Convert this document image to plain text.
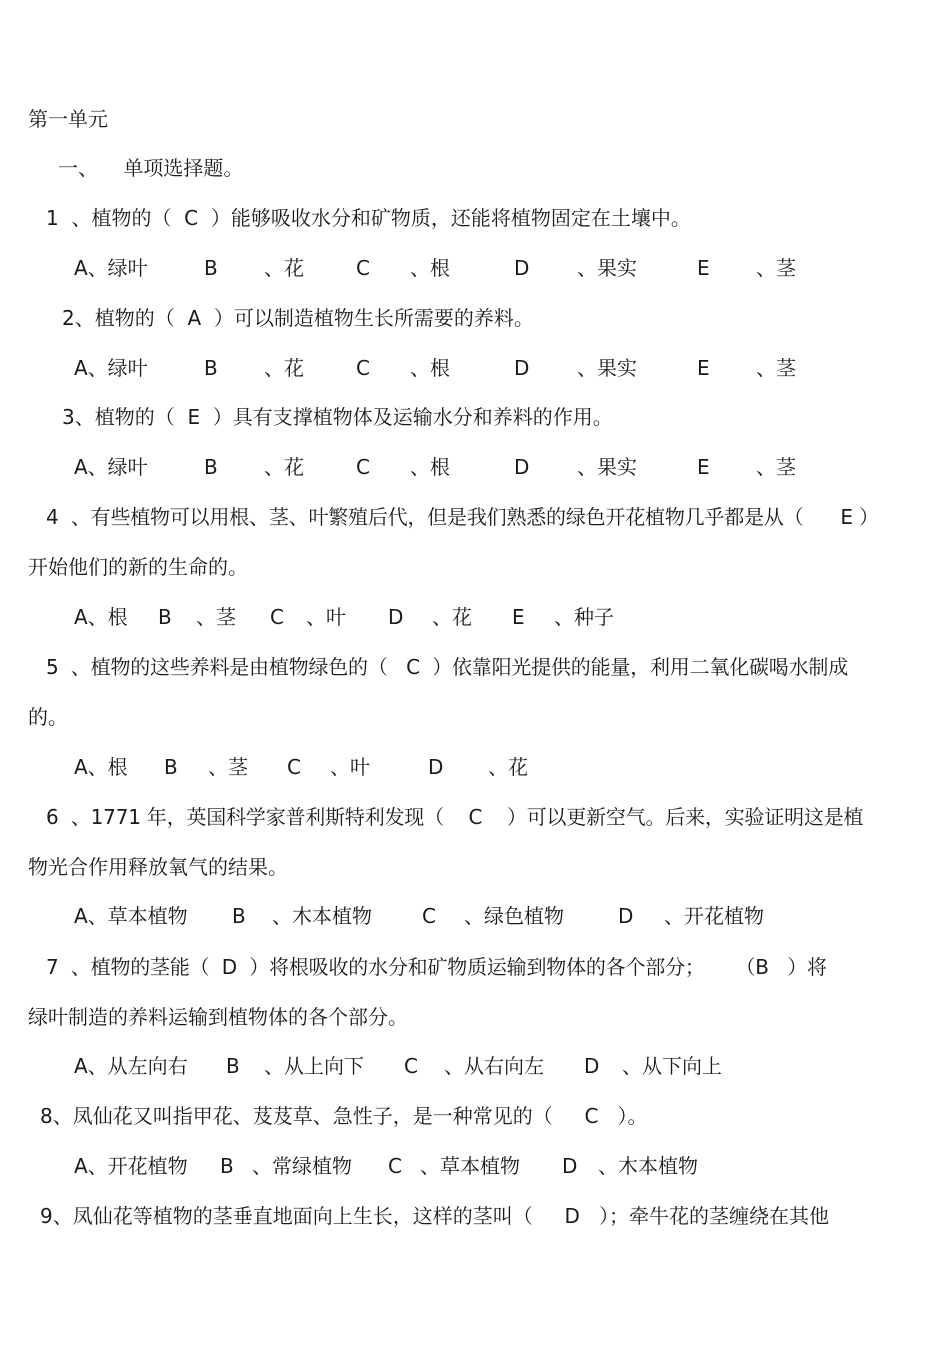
第一单元
一、    单项选择题。
1  、植物的（  C  ）能够吸收水分和矿物质，还能将植物固定在土壤中。
A、绿叶	B 、花	C 、根	D 、果实	E 、茎
2、植物的（  A  ）可以制造植物生长所需要的养料。
A、绿叶	B 、花	C 、根	D 、果实	E 、茎
3、植物的（  E  ）具有支撑植物体及运输水分和养料的作用。
A、绿叶	B 、花	C 、根	D 、果实	E 、茎
4  、有些植物可以用根、茎、叶繁殖后代，但是我们熟悉的绿色开花植物几乎都是从（      E ）
开始他们的新的生命的。
A、根 B 、茎 C 、叶 D 、花 E 、种子
5  、植物的这些养料是由植物绿色的（   C  ）依靠阳光提供的能量，利用二氧化碳喝水制成
的。
A、根 B 、茎 C 、叶	D 、花
6  、1771 年，英国科学家普利斯特利发现（    C    ）可以更新空气。后来，实验证明这是植
物光合作用释放氧气的结果。
A、草本植物 B 、木本植物	C 、绿色植物	D 、开花植物
7  、植物的茎能（  D  ）将根吸收的水分和矿物质运输到物体的各个部分；     （B   ）将
绿叶制造的养料运输到植物体的各个部分。
A、从左向右 B 、从上向下 C 、从右向左 D 、从下向上
8、凤仙花又叫指甲花、芨芨草、急性子，是一种常见的（     C   ）。
A、开花植物 B 、常绿植物 C 、草本植物 D 、木本植物
9、凤仙花等植物的茎垂直地面向上生长，这样的茎叫（     D   ）；牵牛花的茎缠绕在其他
